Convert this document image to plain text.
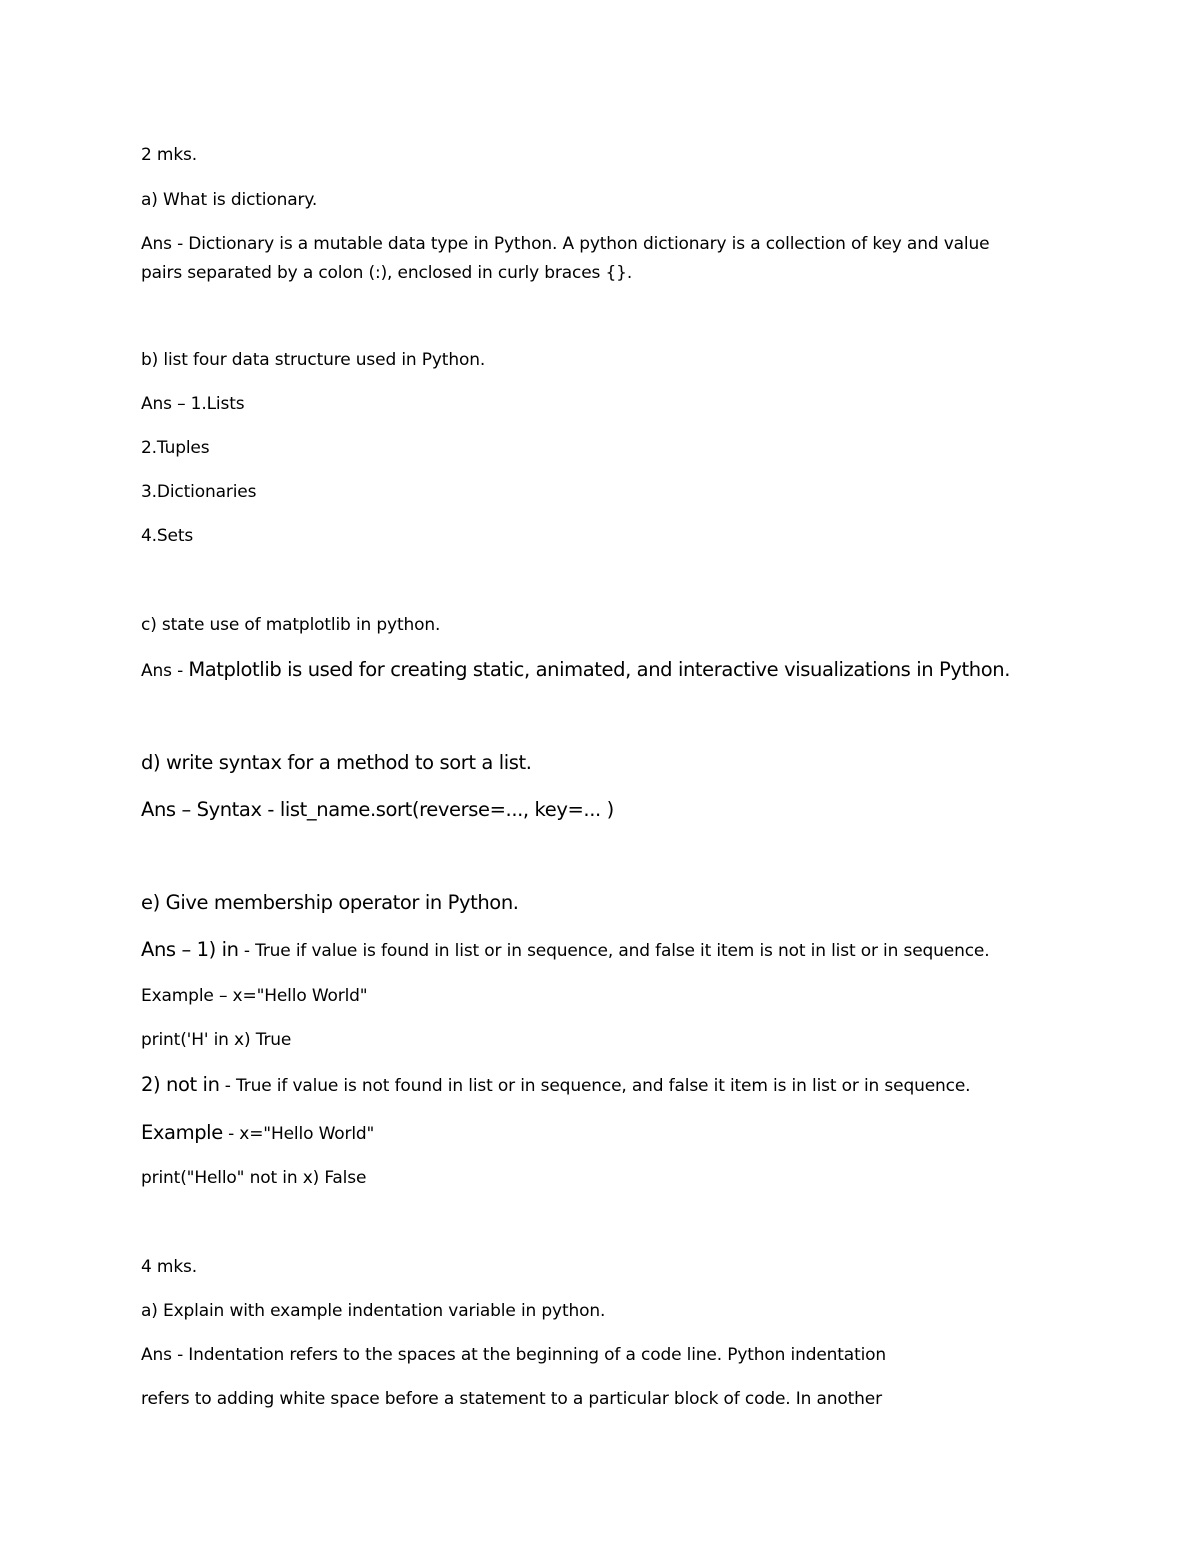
2 mks.
a) What is dictionary.
Ans - Dictionary is a mutable data type in Python. A python dictionary is a collection of key and value
pairs separated by a colon (:), enclosed in curly braces {}.
b) list four data structure used in Python.
Ans – 1.Lists
2.Tuples
3.Dictionaries
4.Sets
c) state use of matplotlib in python.
Ans - Matplotlib is used for creating static, animated, and interactive visualizations in Python.
d) write syntax for a method to sort a list.
Ans – Syntax - list_name.sort(reverse=..., key=... )
e) Give membership operator in Python.
Ans – 1) in - True if value is found in list or in sequence, and false it item is not in list or in sequence.
Example – x="Hello World"
print('H' in x) True
2) not in - True if value is not found in list or in sequence, and false it item is in list or in sequence.
Example - x="Hello World"
print("Hello" not in x) False
4 mks.
a) Explain with example indentation variable in python.
Ans - Indentation refers to the spaces at the beginning of a code line. Python indentation
refers to adding white space before a statement to a particular block of code. In another
